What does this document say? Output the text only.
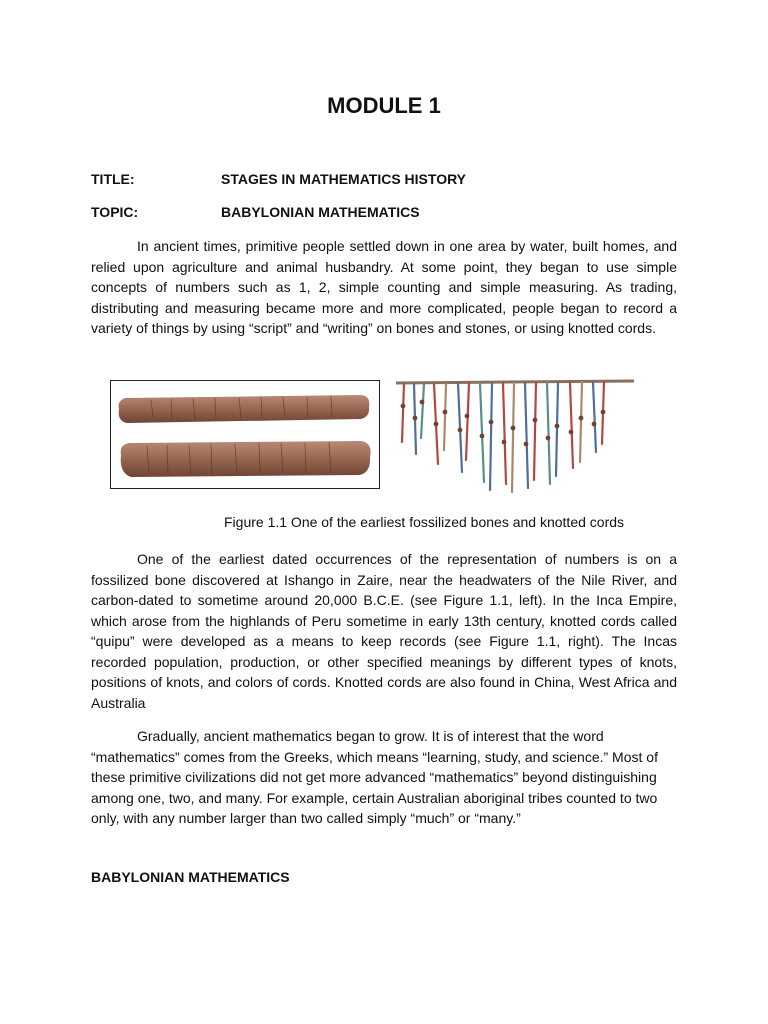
MODULE 1
TITLE:	STAGES IN MATHEMATICS HISTORY
TOPIC:	BABYLONIAN MATHEMATICS

In ancient times, primitive people settled down in one area by water, built homes, and relied upon agriculture and animal husbandry. At some point, they began to use simple concepts of numbers such as 1, 2, simple counting and simple measuring. As trading, distributing and measuring became more and more complicated, people began to record a variety of things by using “script” and “writing” on bones and stones, or using knotted cords.

Figure 1.1 One of the earliest fossilized bones and knotted cords

One of the earliest dated occurrences of the representation of numbers is on a fossilized bone discovered at Ishango in Zaire, near the headwaters of the Nile River, and carbon-dated to sometime around 20,000 B.C.E. (see Figure 1.1, left). In the Inca Empire, which arose from the highlands of Peru sometime in early 13th century, knotted cords called “quipu” were developed as a means to keep records (see Figure 1.1, right). The Incas recorded population, production, or other specified meanings by different types of knots, positions of knots, and colors of cords. Knotted cords are also found in China, West Africa and Australia

Gradually, ancient mathematics began to grow. It is of interest that the word “mathematics” comes from the Greeks, which means “learning, study, and science.” Most of these primitive civilizations did not get more advanced “mathematics” beyond distinguishing among one, two, and many. For example, certain Australian aboriginal tribes counted to two only, with any number larger than two called simply “much” or “many.”

BABYLONIAN MATHEMATICS
